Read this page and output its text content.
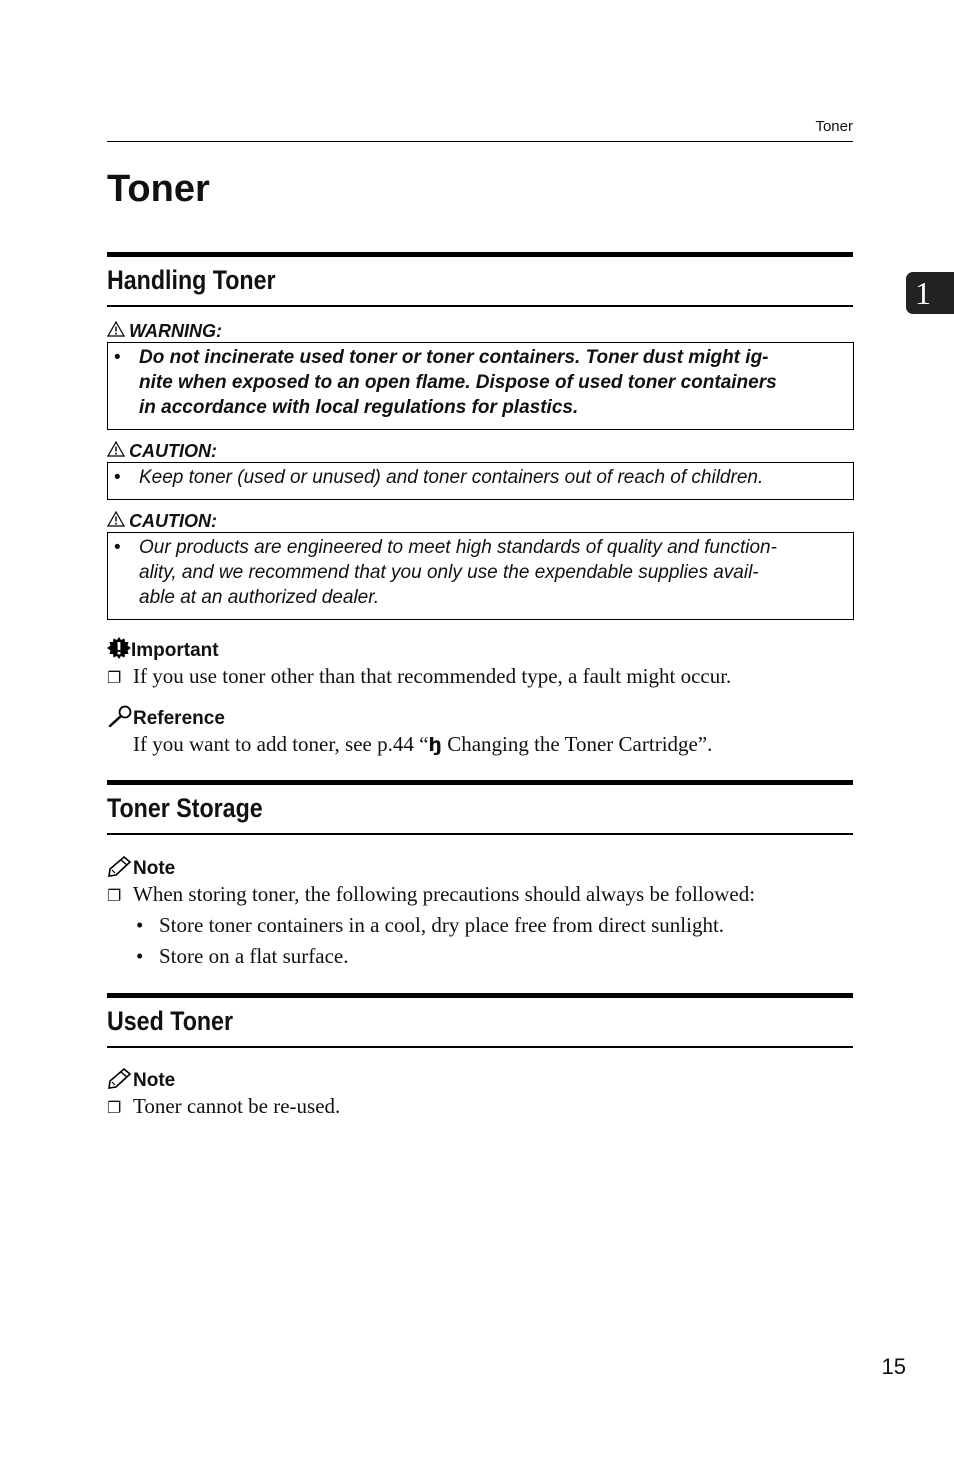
Toner
1
Toner
Handling Toner
WARNING:
• Do not incinerate used toner or toner containers. Toner dust might ig-
nite when exposed to an open flame. Dispose of used toner containers
in accordance with local regulations for plastics.
CAUTION:
• Keep toner (used or unused) and toner containers out of reach of children.
CAUTION:
• Our products are engineered to meet high standards of quality and function-
ality, and we recommend that you only use the expendable supplies avail-
able at an authorized dealer.
Important
❐ If you use toner other than that recommended type, a fault might occur.
Reference
If you want to add toner, see p.44 “ꜧ Changing the Toner Cartridge”.
Toner Storage
Note
❐ When storing toner, the following precautions should always be followed:
• Store toner containers in a cool, dry place free from direct sunlight.
• Store on a flat surface.
Used Toner
Note
❐ Toner cannot be re-used.
15
